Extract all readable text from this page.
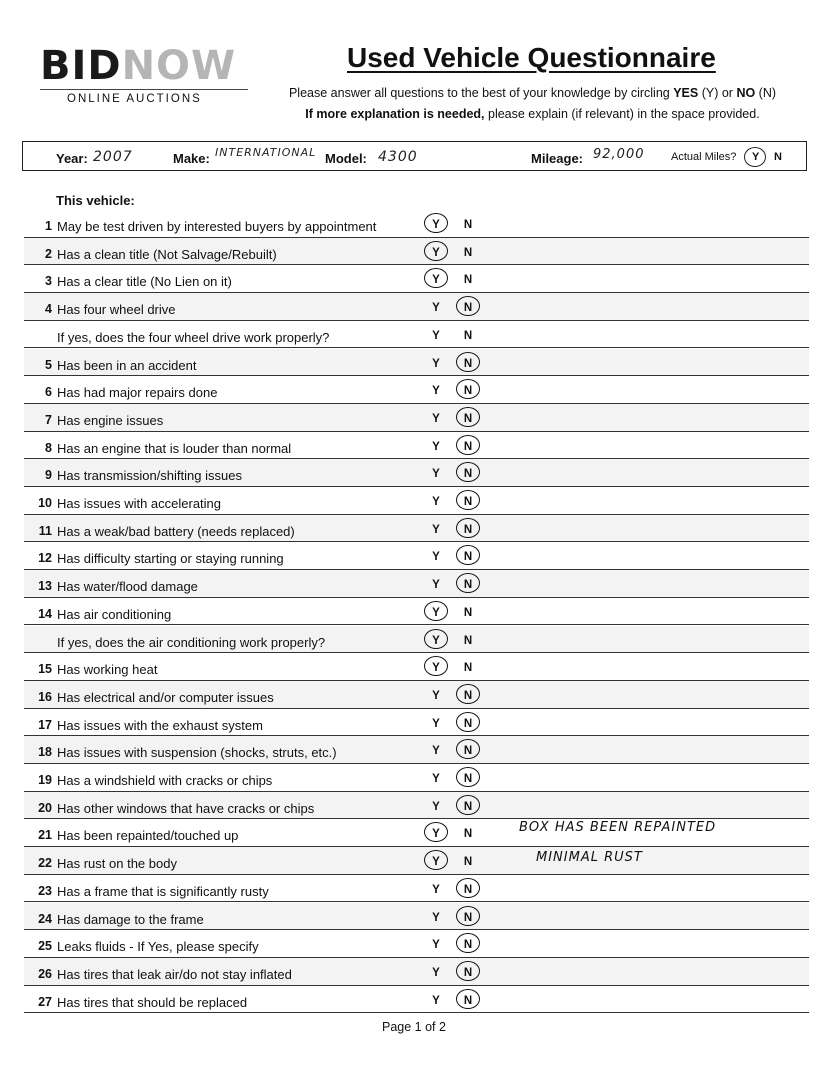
BIDNOW
ONLINE AUCTIONS
Used Vehicle Questionnaire
Please answer all questions to the best of your knowledge by circling YES (Y) or NO (N)
If more explanation is needed, please explain (if relevant) in the space provided.
Year: 2007	Make: INTERNATIONAL Model: 4300	Mileage: 92,000 Actual Miles? Y N
This vehicle:
1 May be test driven by interested buyers by appointment	Y N
2 Has a clean title (Not Salvage/Rebuilt)	Y N
3 Has a clear title (No Lien on it)	Y N
4 Has four wheel drive	Y N
If yes, does the four wheel drive work properly?	Y N
5 Has been in an accident	Y N
6 Has had major repairs done	Y N
7 Has engine issues	Y N
8 Has an engine that is louder than normal	Y N
9 Has transmission/shifting issues	Y N
10 Has issues with accelerating	Y N
11 Has a weak/bad battery (needs replaced)	Y N
12 Has difficulty starting or staying running	Y N
13 Has water/flood damage	Y N
14 Has air conditioning	Y N
If yes, does the air conditioning work properly?	Y N
15 Has working heat	Y N
16 Has electrical and/or computer issues	Y N
17 Has issues with the exhaust system	Y N
18 Has issues with suspension (shocks, struts, etc.)	Y N
19 Has a windshield with cracks or chips	Y N
20 Has other windows that have cracks or chips	Y N
21 Has been repainted/touched up	Y N	BOX HAS BEEN REPAINTED
22 Has rust on the body	Y N	MINIMAL RUST
23 Has a frame that is significantly rusty	Y N
24 Has damage to the frame	Y N
25 Leaks fluids - If Yes, please specify	Y N
26 Has tires that leak air/do not stay inflated	Y N
27 Has tires that should be replaced	Y N
Page 1 of 2
